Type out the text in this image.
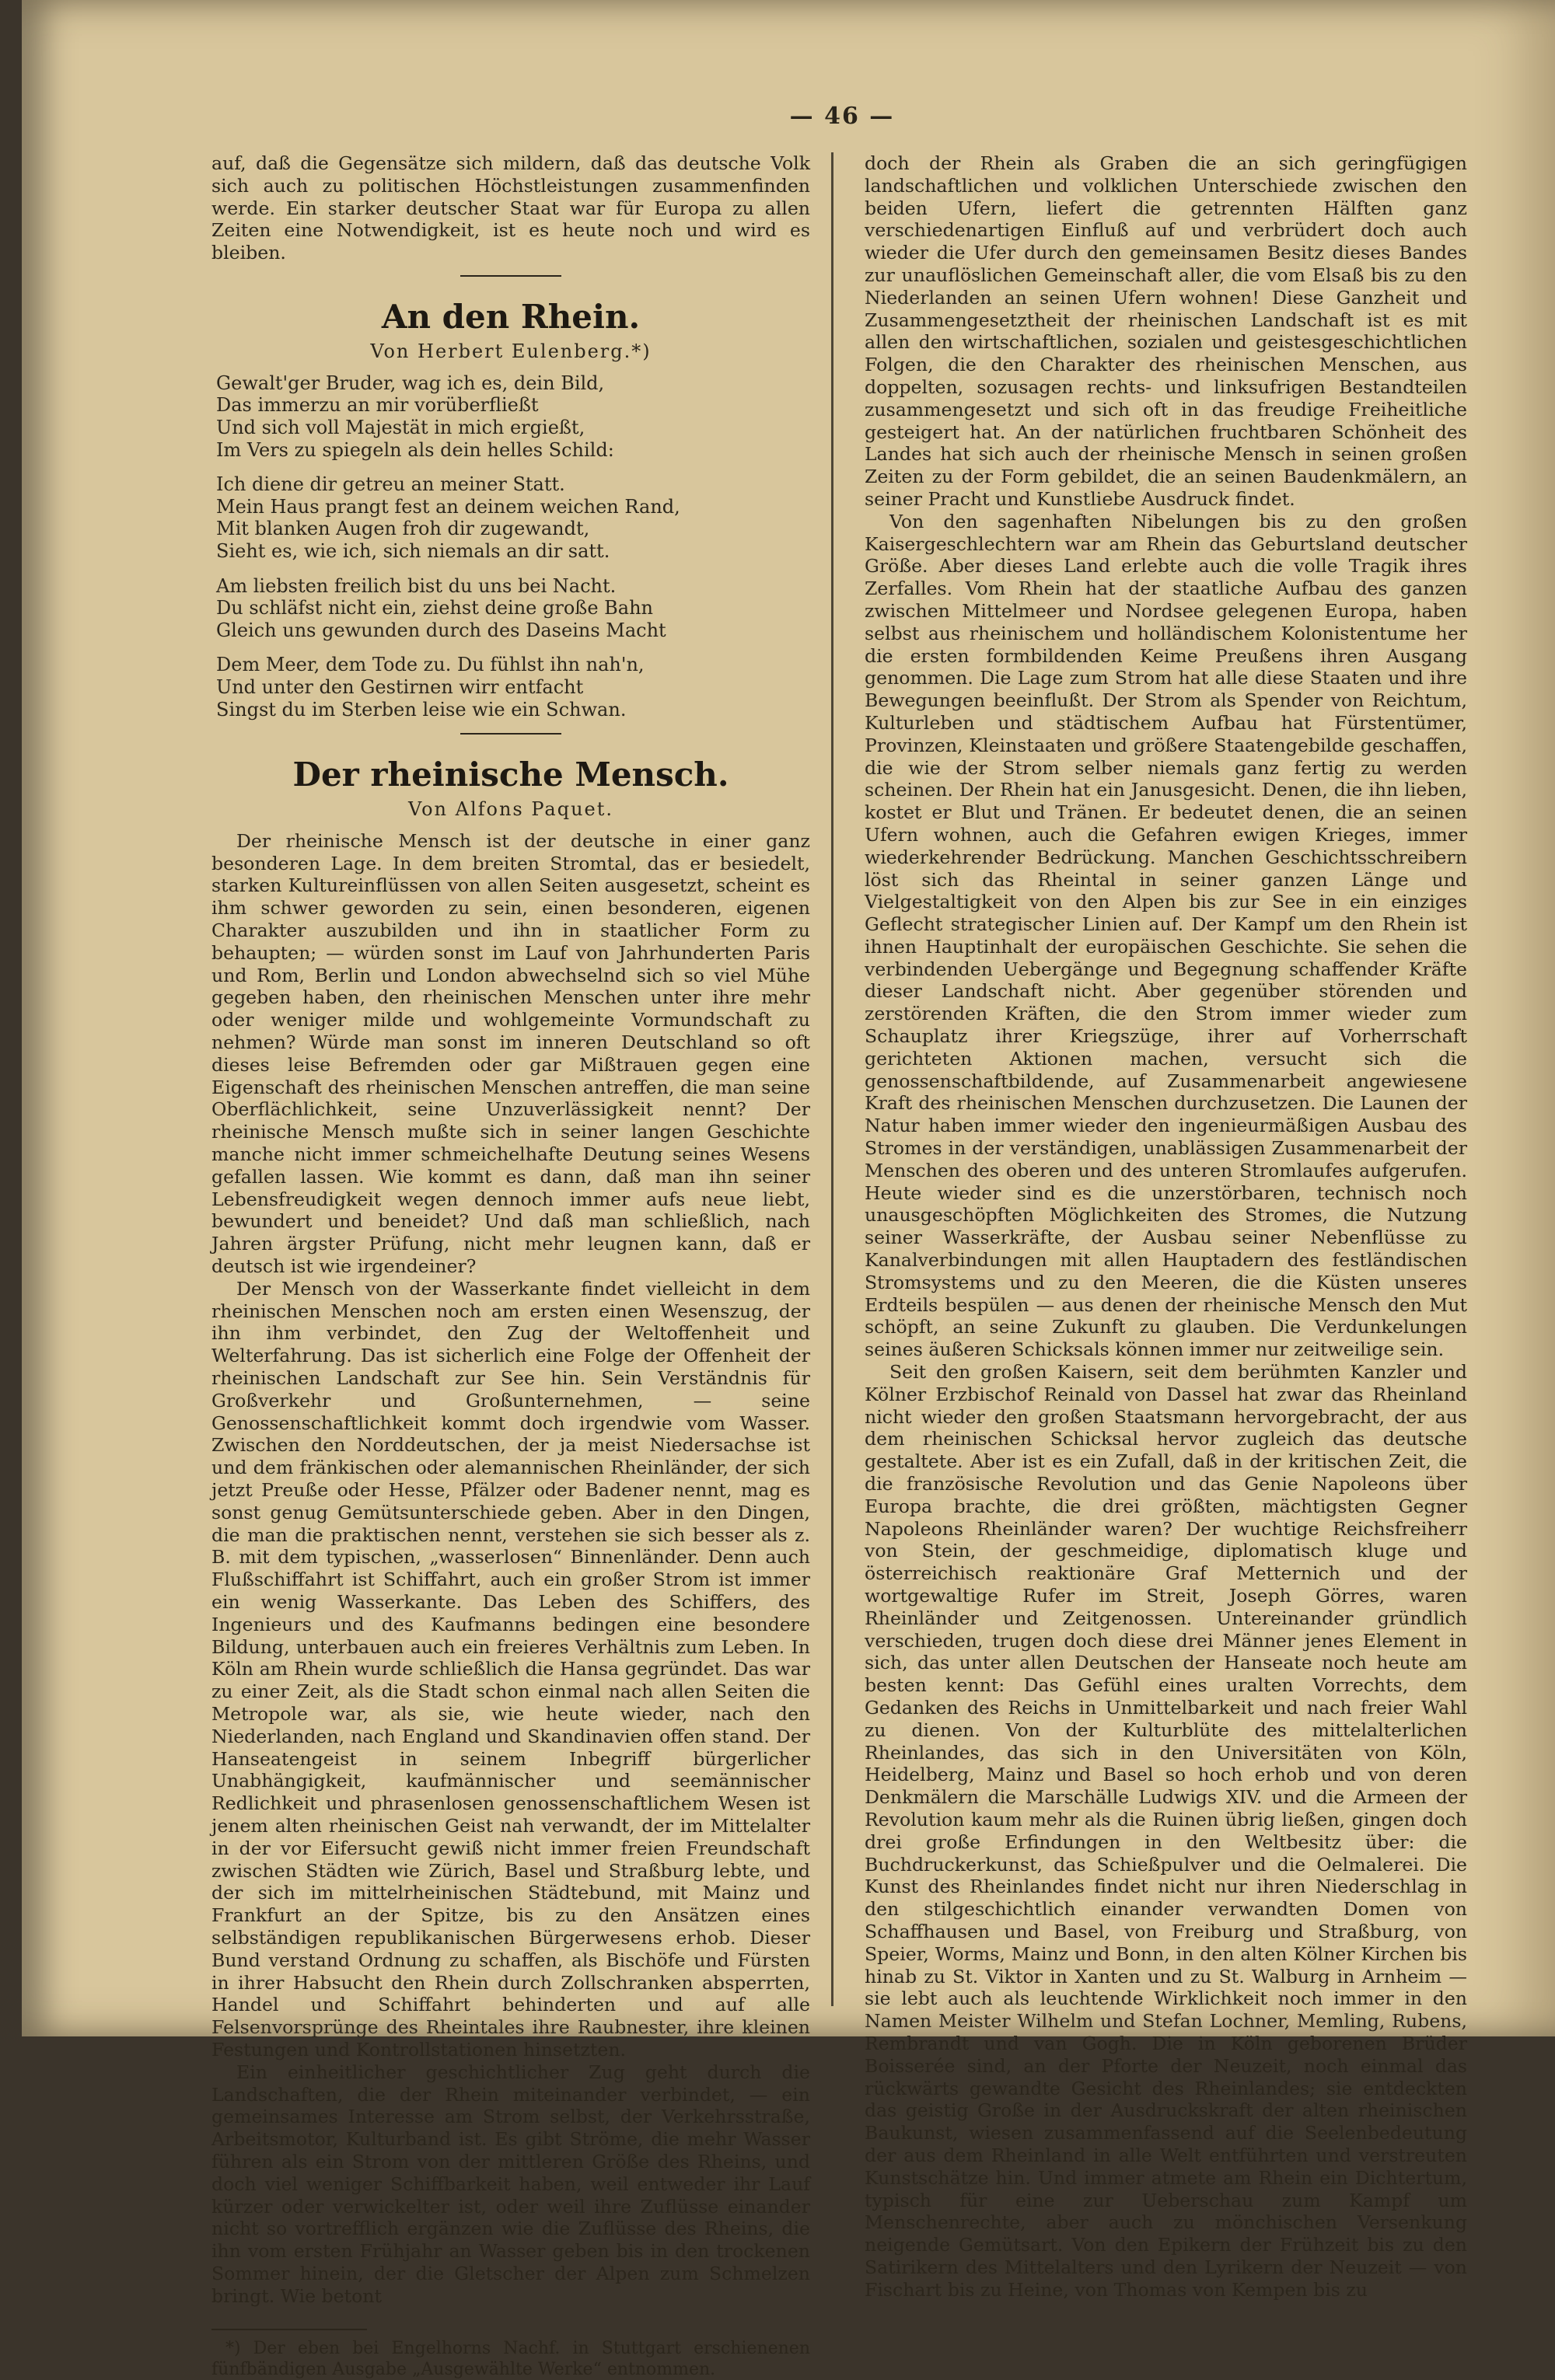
— 46 —

auf, daß die Gegensätze sich mildern, daß das deutsche Volk sich auch zu politischen Höchstleistungen zusammenfinden werde. Ein starker deutscher Staat war für Europa zu allen Zeiten eine Notwendigkeit, ist es heute noch und wird es bleiben.

An den Rhein.
Von Herbert Eulenberg.*)
Gewalt'ger Bruder, wag ich es, dein Bild,
Das immerzu an mir vorüberfließt
Und sich voll Majestät in mich ergießt,
Im Vers zu spiegeln als dein helles Schild:
Ich diene dir getreu an meiner Statt.
Mein Haus prangt fest an deinem weichen Rand,
Mit blanken Augen froh dir zugewandt,
Sieht es, wie ich, sich niemals an dir satt.
Am liebsten freilich bist du uns bei Nacht.
Du schläfst nicht ein, ziehst deine große Bahn
Gleich uns gewunden durch des Daseins Macht
Dem Meer, dem Tode zu. Du fühlst ihn nah'n,
Und unter den Gestirnen wirr entfacht
Singst du im Sterben leise wie ein Schwan.
Der rheinische Mensch.
Von Alfons Paquet.

Der rheinische Mensch ist der deutsche in einer ganz besonderen Lage. In dem breiten Stromtal, das er besiedelt, starken Kultureinflüssen von allen Seiten ausgesetzt, scheint es ihm schwer geworden zu sein, einen besonderen, eigenen Charakter auszubilden und ihn in staatlicher Form zu behaupten; — würden sonst im Lauf von Jahrhunderten Paris und Rom, Berlin und London abwechselnd sich so viel Mühe gegeben haben, den rheinischen Menschen unter ihre mehr oder weniger milde und wohlgemeinte Vormundschaft zu nehmen? Würde man sonst im inneren Deutschland so oft dieses leise Befremden oder gar Mißtrauen gegen eine Eigenschaft des rheinischen Menschen antreffen, die man seine Oberflächlichkeit, seine Unzuverlässigkeit nennt? Der rheinische Mensch mußte sich in seiner langen Geschichte manche nicht immer schmeichelhafte Deutung seines Wesens gefallen lassen. Wie kommt es dann, daß man ihn seiner Lebensfreudigkeit wegen dennoch immer aufs neue liebt, bewundert und beneidet? Und daß man schließlich, nach Jahren ärgster Prüfung, nicht mehr leugnen kann, daß er deutsch ist wie irgendeiner?

Der Mensch von der Wasserkante findet vielleicht in dem rheinischen Menschen noch am ersten einen Wesenszug, der ihn ihm verbindet, den Zug der Weltoffenheit und Welterfahrung. Das ist sicherlich eine Folge der Offenheit der rheinischen Landschaft zur See hin. Sein Verständnis für Großverkehr und Großunternehmen, — seine Genossenschaftlichkeit kommt doch irgendwie vom Wasser. Zwischen den Norddeutschen, der ja meist Niedersachse ist und dem fränkischen oder alemannischen Rheinländer, der sich jetzt Preuße oder Hesse, Pfälzer oder Badener nennt, mag es sonst genug Gemütsunterschiede geben. Aber in den Dingen, die man die praktischen nennt, verstehen sie sich besser als z. B. mit dem typischen, „wasserlosen“ Binnenländer. Denn auch Flußschiffahrt ist Schiffahrt, auch ein großer Strom ist immer ein wenig Wasserkante. Das Leben des Schiffers, des Ingenieurs und des Kaufmanns bedingen eine besondere Bildung, unterbauen auch ein freieres Verhältnis zum Leben. In Köln am Rhein wurde schließlich die Hansa gegründet. Das war zu einer Zeit, als die Stadt schon einmal nach allen Seiten die Metropole war, als sie, wie heute wieder, nach den Niederlanden, nach England und Skandinavien offen stand. Der Hanseatengeist in seinem Inbegriff bürgerlicher Unabhängigkeit, kaufmännischer und seemännischer Redlichkeit und phrasenlosen genossenschaftlichem Wesen ist jenem alten rheinischen Geist nah verwandt, der im Mittelalter in der vor Eifersucht gewiß nicht immer freien Freundschaft zwischen Städten wie Zürich, Basel und Straßburg lebte, und der sich im mittelrheinischen Städtebund, mit Mainz und Frankfurt an der Spitze, bis zu den Ansätzen eines selbständigen republikanischen Bürgerwesens erhob. Dieser Bund verstand Ordnung zu schaffen, als Bischöfe und Fürsten in ihrer Habsucht den Rhein durch Zollschranken absperrten, Handel und Schiffahrt behinderten und auf alle Felsenvorsprünge des Rheintales ihre Raubnester, ihre kleinen Festungen und Kontrollstationen hinsetzten.

Ein einheitlicher geschichtlicher Zug geht durch die Landschaften, die der Rhein miteinander verbindet, — ein gemeinsames Interesse am Strom selbst, der Verkehrsstraße, Arbeitsmotor, Kulturband ist. Es gibt Ströme, die mehr Wasser führen als ein Strom von der mittleren Größe des Rheins, und doch viel weniger Schiffbarkeit haben, weil entweder ihr Lauf kürzer oder verwickelter ist, oder weil ihre Zuflüsse einander nicht so vortrefflich ergänzen wie die Zuflüsse des Rheins, die ihn vom ersten Frühjahr an Wasser geben bis in den trockenen Sommer hinein, der die Gletscher der Alpen zum Schmelzen bringt. Wie betont

*) Der eben bei Engelhorns Nachf. in Stuttgart erschienenen fünfbändigen Ausgabe „Ausgewählte Werke“ entnommen.

doch der Rhein als Graben die an sich geringfügigen landschaftlichen und volklichen Unterschiede zwischen den beiden Ufern, liefert die getrennten Hälften ganz verschiedenartigen Einfluß auf und verbrüdert doch auch wieder die Ufer durch den gemeinsamen Besitz dieses Bandes zur unauflöslichen Gemeinschaft aller, die vom Elsaß bis zu den Niederlanden an seinen Ufern wohnen! Diese Ganzheit und Zusammengesetztheit der rheinischen Landschaft ist es mit allen den wirtschaftlichen, sozialen und geistesgeschichtlichen Folgen, die den Charakter des rheinischen Menschen, aus doppelten, sozusagen rechts- und linksufrigen Bestandteilen zusammengesetzt und sich oft in das freudige Freiheitliche gesteigert hat. An der natürlichen fruchtbaren Schönheit des Landes hat sich auch der rheinische Mensch in seinen großen Zeiten zu der Form gebildet, die an seinen Baudenkmälern, an seiner Pracht und Kunstliebe Ausdruck findet.

Von den sagenhaften Nibelungen bis zu den großen Kaisergeschlechtern war am Rhein das Geburtsland deutscher Größe. Aber dieses Land erlebte auch die volle Tragik ihres Zerfalles. Vom Rhein hat der staatliche Aufbau des ganzen zwischen Mittelmeer und Nordsee gelegenen Europa, haben selbst aus rheinischem und holländischem Kolonistentume her die ersten formbildenden Keime Preußens ihren Ausgang genommen. Die Lage zum Strom hat alle diese Staaten und ihre Bewegungen beeinflußt. Der Strom als Spender von Reichtum, Kulturleben und städtischem Aufbau hat Fürstentümer, Provinzen, Kleinstaaten und größere Staatengebilde geschaffen, die wie der Strom selber niemals ganz fertig zu werden scheinen. Der Rhein hat ein Janusgesicht. Denen, die ihn lieben, kostet er Blut und Tränen. Er bedeutet denen, die an seinen Ufern wohnen, auch die Gefahren ewigen Krieges, immer wiederkehrender Bedrückung. Manchen Geschichtsschreibern löst sich das Rheintal in seiner ganzen Länge und Vielgestaltigkeit von den Alpen bis zur See in ein einziges Geflecht strategischer Linien auf. Der Kampf um den Rhein ist ihnen Hauptinhalt der europäischen Geschichte. Sie sehen die verbindenden Uebergänge und Begegnung schaffender Kräfte dieser Landschaft nicht. Aber gegenüber störenden und zerstörenden Kräften, die den Strom immer wieder zum Schauplatz ihrer Kriegszüge, ihrer auf Vorherrschaft gerichteten Aktionen machen, versucht sich die genossenschaftbildende, auf Zusammenarbeit angewiesene Kraft des rheinischen Menschen durchzusetzen. Die Launen der Natur haben immer wieder den ingenieurmäßigen Ausbau des Stromes in der verständigen, unablässigen Zusammenarbeit der Menschen des oberen und des unteren Stromlaufes aufgerufen. Heute wieder sind es die unzerstörbaren, technisch noch unausgeschöpften Möglichkeiten des Stromes, die Nutzung seiner Wasserkräfte, der Ausbau seiner Nebenflüsse zu Kanalverbindungen mit allen Hauptadern des festländischen Stromsystems und zu den Meeren, die die Küsten unseres Erdteils bespülen — aus denen der rheinische Mensch den Mut schöpft, an seine Zukunft zu glauben. Die Verdunkelungen seines äußeren Schicksals können immer nur zeitweilige sein.

Seit den großen Kaisern, seit dem berühmten Kanzler und Kölner Erzbischof Reinald von Dassel hat zwar das Rheinland nicht wieder den großen Staatsmann hervorgebracht, der aus dem rheinischen Schicksal hervor zugleich das deutsche gestaltete. Aber ist es ein Zufall, daß in der kritischen Zeit, die die französische Revolution und das Genie Napoleons über Europa brachte, die drei größten, mächtigsten Gegner Napoleons Rheinländer waren? Der wuchtige Reichsfreiherr von Stein, der geschmeidige, diplomatisch kluge und österreichisch reaktionäre Graf Metternich und der wortgewaltige Rufer im Streit, Joseph Görres, waren Rheinländer und Zeitgenossen. Untereinander gründlich verschieden, trugen doch diese drei Männer jenes Element in sich, das unter allen Deutschen der Hanseate noch heute am besten kennt: Das Gefühl eines uralten Vorrechts, dem Gedanken des Reichs in Unmittelbarkeit und nach freier Wahl zu dienen. Von der Kulturblüte des mittelalterlichen Rheinlandes, das sich in den Universitäten von Köln, Heidelberg, Mainz und Basel so hoch erhob und von deren Denkmälern die Marschälle Ludwigs XIV. und die Armeen der Revolution kaum mehr als die Ruinen übrig ließen, gingen doch drei große Erfindungen in den Weltbesitz über: die Buchdruckerkunst, das Schießpulver und die Oelmalerei. Die Kunst des Rheinlandes findet nicht nur ihren Niederschlag in den stilgeschichtlich einander verwandten Domen von Schaffhausen und Basel, von Freiburg und Straßburg, von Speier, Worms, Mainz und Bonn, in den alten Kölner Kirchen bis hinab zu St. Viktor in Xanten und zu St. Walburg in Arnheim — sie lebt auch als leuchtende Wirklichkeit noch immer in den Namen Meister Wilhelm und Stefan Lochner, Memling, Rubens, Rembrandt und van Gogh. Die in Köln geborenen Brüder Boisserée sind, an der Pforte der Neuzeit, noch einmal das rückwärts gewandte Gesicht des Rheinlandes; sie entdeckten das geistig Große in der Ausdruckskraft der alten rheinischen Baukunst, wiesen zusammenfassend auf die Seelenbedeutung der aus dem Rheinland in alle Welt entführten und verstreuten Kunstschätze hin. Und immer atmete am Rhein ein Dichtertum, typisch für eine zur Ueberschau zum Kampf um Menschenrechte, aber auch zu mönchischen Versenkung neigende Gemütsart. Von den Epikern der Frühzeit bis zu den Satirikern des Mittelalters und den Lyrikern der Neuzeit — von Fischart bis zu Heine, von Thomas von Kempen bis zu
